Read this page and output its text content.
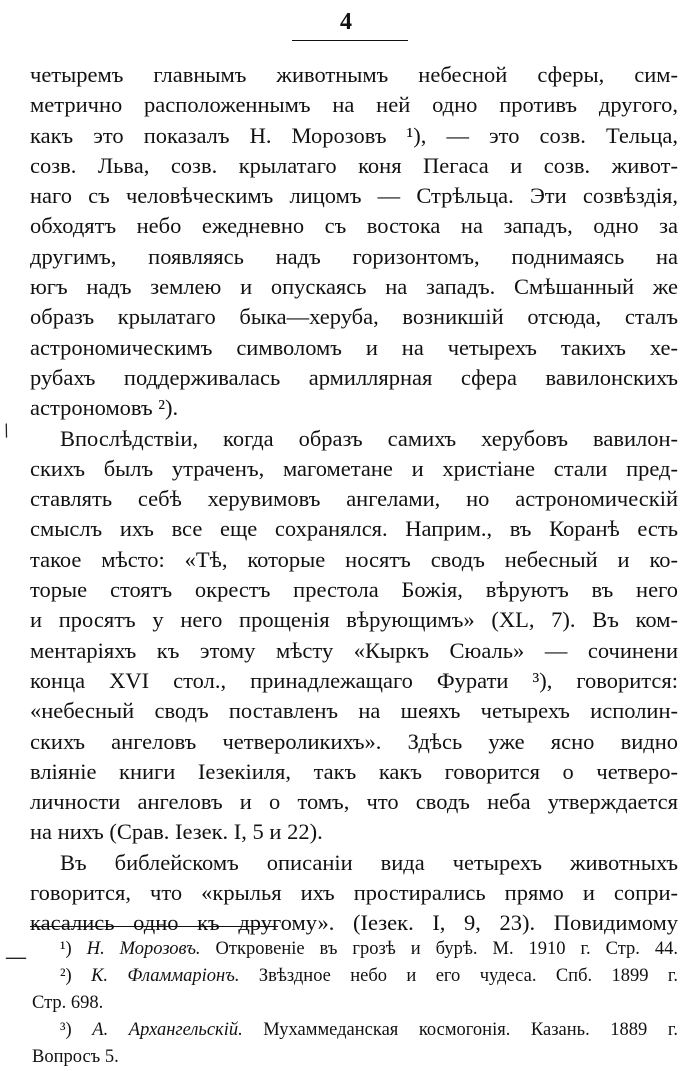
4
/
—
четыремъ главнымъ животнымъ небесной сферы, сим-
метрично расположеннымъ на ней одно противъ другого,
какъ это показалъ Н. Морозовъ ¹), — это созв. Тельца,
созв. Льва, созв. крылатаго коня Пегаса и созв. живот-
наго съ человѣческимъ лицомъ — Стрѣльца. Эти созвѣздія,
обходятъ небо ежедневно съ востока на западъ, одно за
другимъ, появляясь надъ горизонтомъ, поднимаясь на
югъ надъ землею и опускаясь на западъ. Смѣшанный же
образъ крылатаго быка—херуба, возникшій отсюда, сталъ
астрономическимъ символомъ и на четырехъ такихъ хе-
рубахъ поддерживалась армиллярная сфера вавилонскихъ
астрономовъ ²).
Впослѣдствіи, когда образъ самихъ херубовъ вавилон-
скихъ былъ утраченъ, магометане и христіане стали пред-
ставлять себѣ херувимовъ ангелами, но астрономическій
смыслъ ихъ все еще сохранялся. Наприм., въ Коранѣ есть
такое мѣсто: «Тѣ, которые носятъ сводъ небесный и ко-
торые стоятъ окрестъ престола Божія, вѣруютъ въ него
и просятъ у него прощенія вѣрующимъ» (XL, 7). Въ ком-
ментаріяхъ къ этому мѣсту «Кыркъ Сюаль» — сочинени
конца XVI стол., принадлежащаго Фурати ³), говорится:
«небесный сводъ поставленъ на шеяхъ четырехъ исполин-
скихъ ангеловъ четвероликихъ». Здѣсь уже ясно видно
вліяніе книги Іезекіиля, такъ какъ говорится о четверо-
личности ангеловъ и о томъ, что сводъ неба утверждается
на нихъ (Срав. Іезек. I, 5 и 22).
Въ библейскомъ описаніи вида четырехъ животныхъ
говорится, что «крылья ихъ простирались прямо и сопри-
касались одно къ другому». (Іезек. I, 9, 23). Повидимому
¹) Н. Морозовъ. Откровеніе въ грозѣ и бурѣ. М. 1910 г. Стр. 44.
²) К. Фламмаріонъ. Звѣздное небо и его чудеса. Спб. 1899 г.
Стр. 698.
³) А. Архангельскій. Мухаммеданская космогонія. Казань. 1889 г.
Вопросъ 5.
